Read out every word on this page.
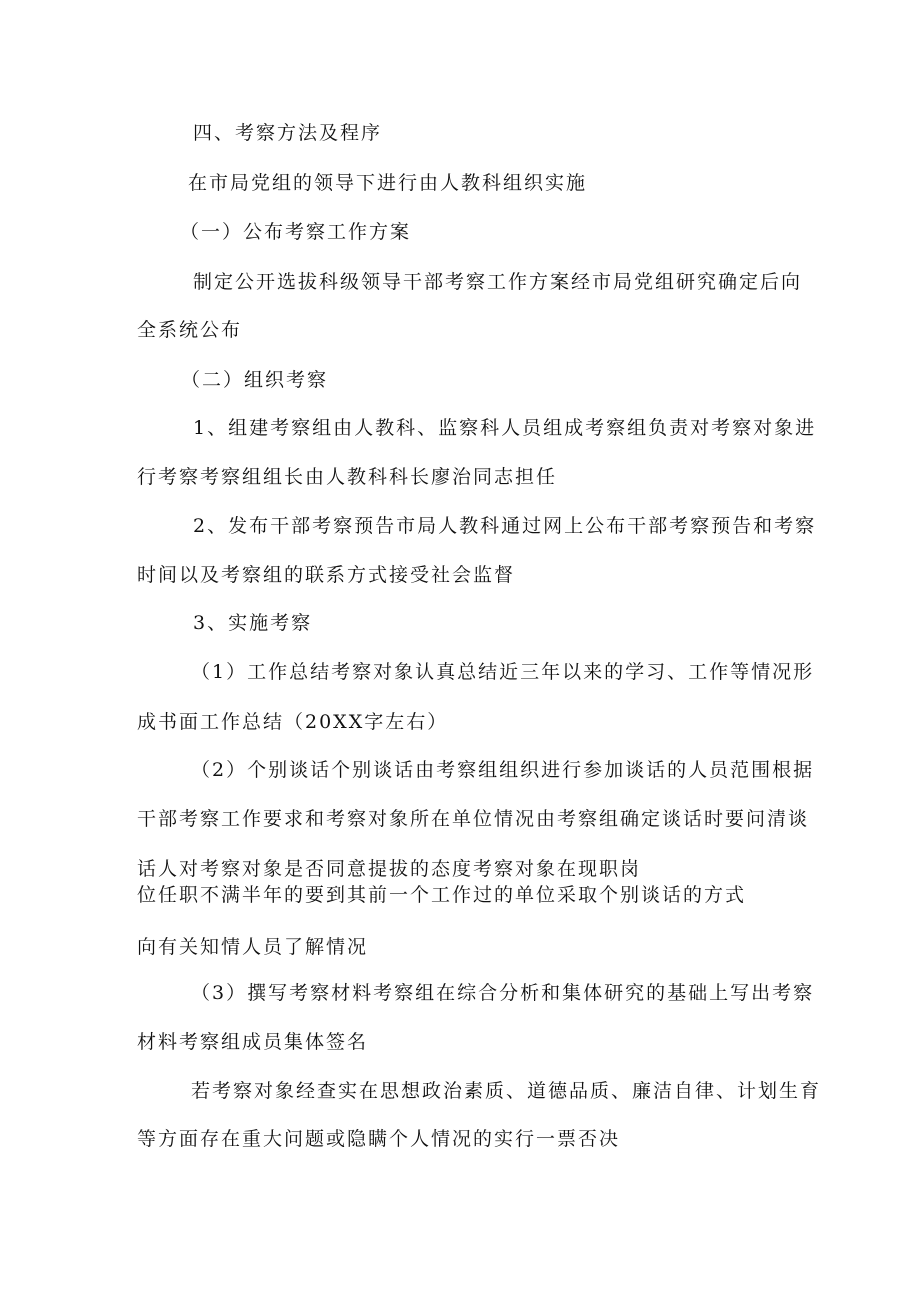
四、考察方法及程序
在市局党组的领导下进行由人教科组织实施
（一）公布考察工作方案
制定公开选拔科级领导干部考察工作方案经市局党组研究确定后向
全系统公布
（二）组织考察
1、组建考察组由人教科、监察科人员组成考察组负责对考察对象进
行考察考察组组长由人教科科长廖治同志担任
2、发布干部考察预告市局人教科通过网上公布干部考察预告和考察
时间以及考察组的联系方式接受社会监督
3、实施考察
（1）工作总结考察对象认真总结近三年以来的学习、工作等情况形
成书面工作总结（20XX字左右）
（2）个别谈话个别谈话由考察组组织进行参加谈话的人员范围根据
干部考察工作要求和考察对象所在单位情况由考察组确定谈话时要问清谈
话人对考察对象是否同意提拔的态度考察对象在现职岗
位任职不满半年的要到其前一个工作过的单位采取个别谈话的方式
向有关知情人员了解情况
（3）撰写考察材料考察组在综合分析和集体研究的基础上写出考察
材料考察组成员集体签名
若考察对象经查实在思想政治素质、道德品质、廉洁自律、计划生育
等方面存在重大问题或隐瞒个人情况的实行一票否决
